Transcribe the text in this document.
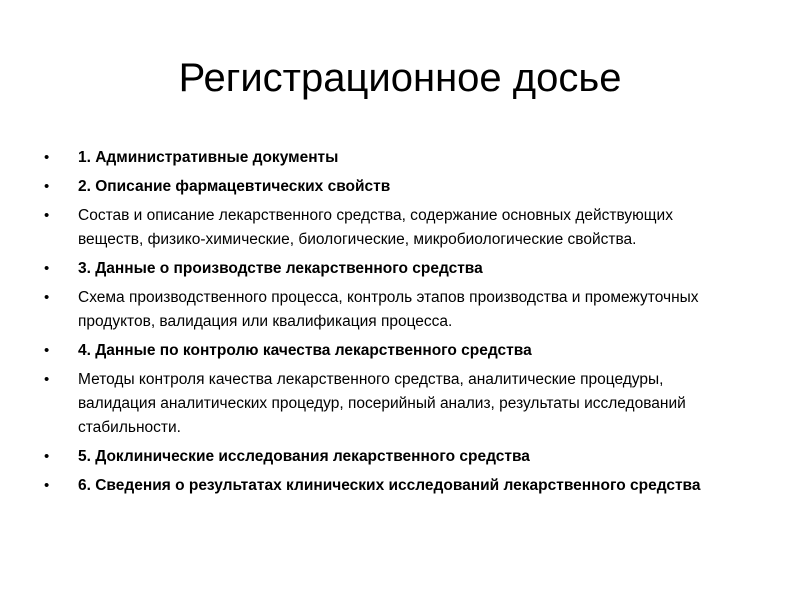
Регистрационное досье
•	1. Административные документы
•	2. Описание фармацевтических свойств
•	Состав и описание лекарственного средства, содержание основных действующих веществ, физико-химические, биологические, микробиологические свойства.
•	3. Данные о производстве лекарственного средства
•	Схема производственного процесса, контроль этапов производства и промежуточных продуктов, валидация или квалификация процесса.
•	4. Данные по контролю качества лекарственного средства
•	Методы контроля качества лекарственного средства, аналитические процедуры, валидация аналитических процедур, посерийный анализ, результаты исследований стабильности.
•	5. Доклинические исследования лекарственного средства
•	6. Сведения о результатах клинических исследований лекарственного средства
